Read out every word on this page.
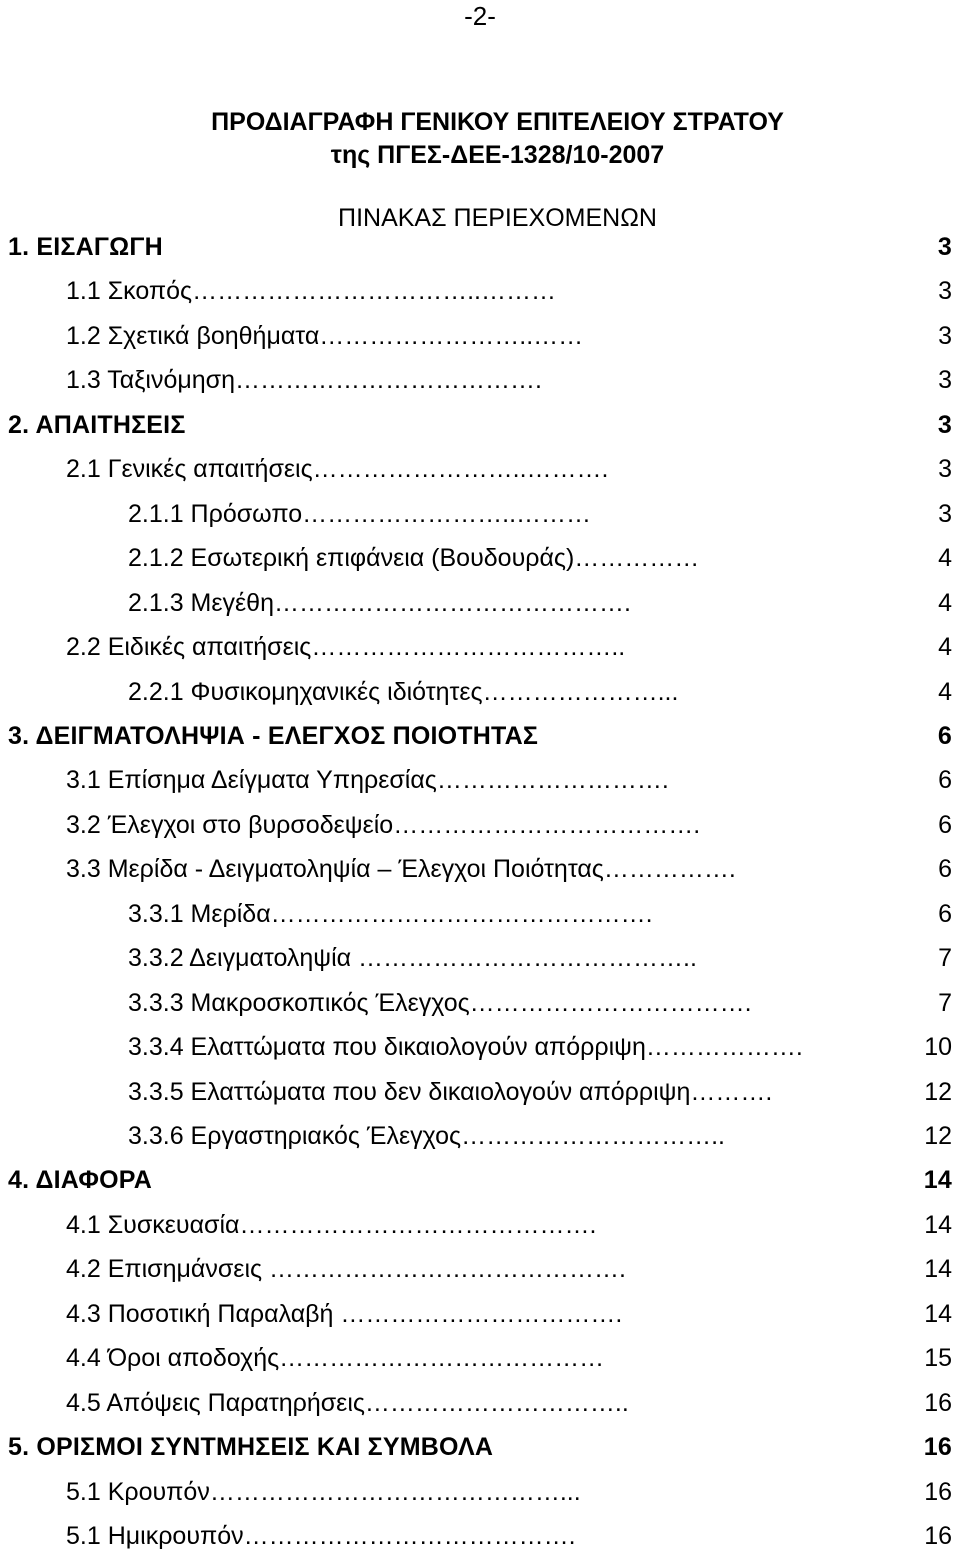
-2-
ΠΡΟΔΙΑΓΡΑΦΗ ΓΕΝΙΚΟΥ ΕΠΙΤΕΛΕΙΟΥ ΣΤΡΑΤΟΥ
της ΠΓΕΣ-ΔΕΕ-1328/10-2007
ΠΙΝΑΚΑΣ ΠΕΡΙΕΧΟΜΕΝΩΝ
1. ΕΙΣΑΓΩΓΗ	3
1.1 Σκοπός……………………………..………	3
1.2 Σχετικά βοηθήματα……………………..……	3
1.3 Ταξινόμηση……………………………….	3
2. ΑΠΑΙΤΗΣΕΙΣ	3
2.1 Γενικές απαιτήσεις……………………..……….	3
2.1.1 Πρόσωπο……………………..………	3
2.1.2 Εσωτερική επιφάνεια (Βουδουράς)……………	4
2.1.3 Μεγέθη…………………………………….	4
2.2 Ειδικές απαιτήσεις………………………………..	4
2.2.1 Φυσικομηχανικές ιδιότητες…………………...	4
3. ΔΕΙΓΜΑΤΟΛΗΨΙΑ - ΕΛΕΓΧΟΣ ΠΟΙΟΤΗΤΑΣ	6
3.1 Επίσημα Δείγματα Υπηρεσίας……………………….	6
3.2 Έλεγχοι στο βυρσοδεψείο……………………………….	6
3.3 Μερίδα - Δειγματοληψία – Έλεγχοι Ποιότητας…………….	6
3.3.1 Μερίδα……………………………………….	6
3.3.2 Δειγματοληψία …………………………………..	7
3.3.3 Μακροσκοπικός Έλεγχος…………………………….	7
3.3.4 Ελαττώματα που δικαιολογούν απόρριψη……………….	10
3.3.5 Ελαττώματα που δεν δικαιολογούν απόρριψη……….	12
3.3.6 Εργαστηριακός Έλεγχος…………………………..	12
4. ΔΙΑΦΟΡΑ	14
4.1 Συσκευασία…………………………………….	14
4.2 Επισημάνσεις …………………………………….	14
4.3 Ποσοτική Παραλαβή …………………………….	14
4.4 Όροι αποδοχής…………………………………	15
4.5 Απόψεις Παρατηρήσεις…………………………..	16
5. ΟΡΙΣΜΟΙ ΣΥΝΤΜΗΣΕΙΣ ΚΑΙ ΣΥΜΒΟΛΑ	16
5.1 Κρουπόν……………………………………...	16
5.1 Ημικρουπόν………………………………….	16
